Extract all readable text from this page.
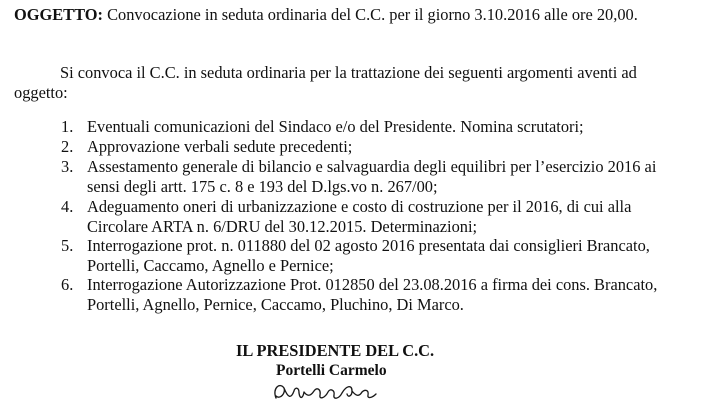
OGGETTO: Convocazione in seduta ordinaria del C.C. per il giorno 3.10.2016 alle ore 20,00.
Si convoca il C.C. in seduta ordinaria per la trattazione dei seguenti argomenti aventi ad
oggetto:
1. Eventuali comunicazioni del Sindaco e/o del Presidente. Nomina scrutatori;
2. Approvazione verbali sedute precedenti;
3. Assestamento generale di bilancio e salvaguardia degli equilibri per l’esercizio 2016 ai
sensi degli artt. 175 c. 8 e 193 del D.lgs.vo n. 267/00;
4. Adeguamento oneri di urbanizzazione e costo di costruzione per il 2016, di cui alla
Circolare ARTA n. 6/DRU del 30.12.2015. Determinazioni;
5. Interrogazione prot. n. 011880 del 02 agosto 2016 presentata dai consiglieri Brancato,
Portelli, Caccamo, Agnello e Pernice;
6. Interrogazione Autorizzazione Prot. 012850 del 23.08.2016 a firma dei cons. Brancato,
Portelli, Agnello, Pernice, Caccamo, Pluchino, Di Marco.
IL PRESIDENTE DEL C.C.
Portelli Carmelo
